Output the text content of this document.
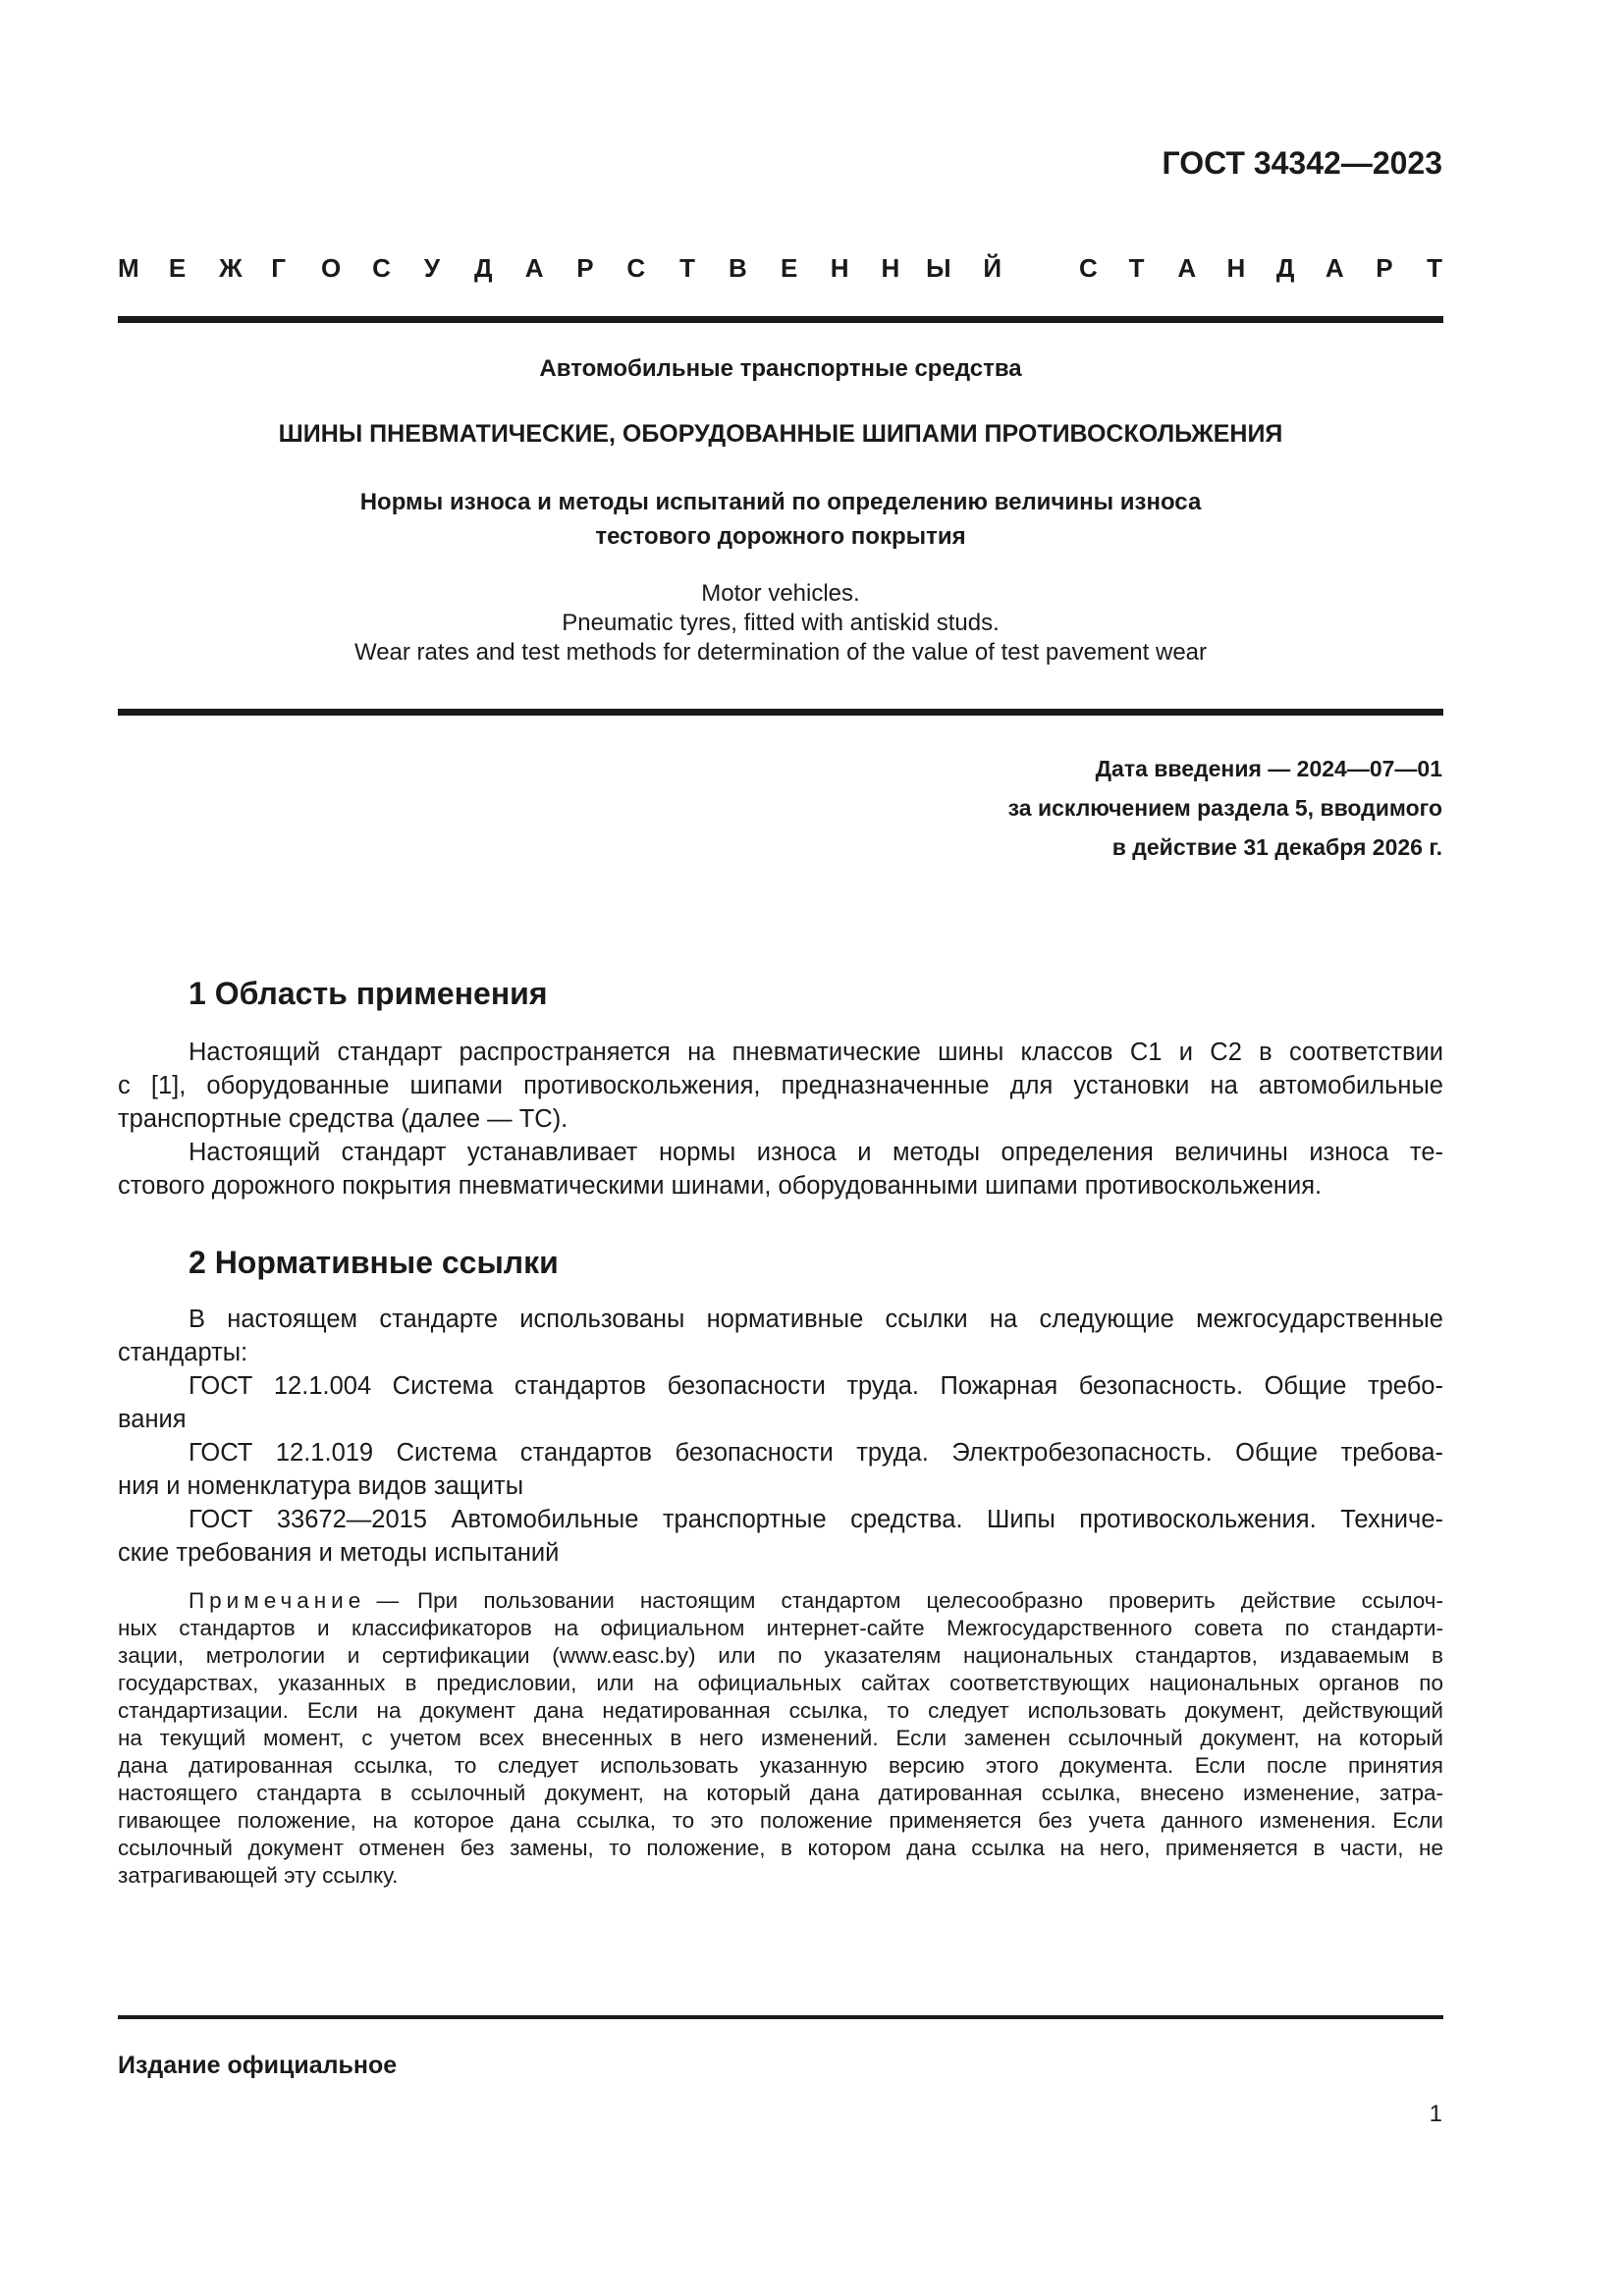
ГОСТ 34342—2023
М Е Ж Г О С У Д А Р С Т В Е Н Н Ы Й	С Т А Н Д А Р Т
Автомобильные транспортные средства
ШИНЫ ПНЕВМАТИЧЕСКИЕ, ОБОРУДОВАННЫЕ ШИПАМИ ПРОТИВОСКОЛЬЖЕНИЯ
Нормы износа и методы испытаний по определению величины износа
тестового дорожного покрытия
Motor vehicles.
Pneumatic tyres, fitted with antiskid studs.
Wear rates and test methods for determination of the value of test pavement wear
Дата введения — 2024—07—01
за исключением раздела 5, вводимого
в действие 31 декабря 2026 г.
1 Область применения
Настоящий стандарт распространяется на пневматические шины классов С1 и С2 в соответствии
с [1], оборудованные шипами противоскольжения, предназначенные для установки на автомобильные
транспортные средства (далее — ТС).
Настоящий стандарт устанавливает нормы износа и методы определения величины износа те-
стового дорожного покрытия пневматическими шинами, оборудованными шипами противоскольжения.
2 Нормативные ссылки
В настоящем стандарте использованы нормативные ссылки на следующие межгосударственные
стандарты:
ГОСТ 12.1.004 Система стандартов безопасности труда. Пожарная безопасность. Общие требо-
вания
ГОСТ 12.1.019 Система стандартов безопасности труда. Электробезопасность. Общие требова-
ния и номенклатура видов защиты
ГОСТ 33672—2015 Автомобильные транспортные средства. Шипы противоскольжения. Техниче-
ские требования и методы испытаний
Примечание — При пользовании настоящим стандартом целесообразно проверить действие ссылоч-
ных стандартов и классификаторов на официальном интернет-сайте Межгосударственного совета по стандарти-
зации, метрологии и сертификации (www.easc.by) или по указателям национальных стандартов, издаваемым в
государствах, указанных в предисловии, или на официальных сайтах соответствующих национальных органов по
стандартизации. Если на документ дана недатированная ссылка, то следует использовать документ, действующий
на текущий момент, с учетом всех внесенных в него изменений. Если заменен ссылочный документ, на который
дана датированная ссылка, то следует использовать указанную версию этого документа. Если после принятия
настоящего стандарта в ссылочный документ, на который дана датированная ссылка, внесено изменение, затра-
гивающее положение, на которое дана ссылка, то это положение применяется без учета данного изменения. Если
ссылочный документ отменен без замены, то положение, в котором дана ссылка на него, применяется в части, не
затрагивающей эту ссылку.
Издание официальное
1
